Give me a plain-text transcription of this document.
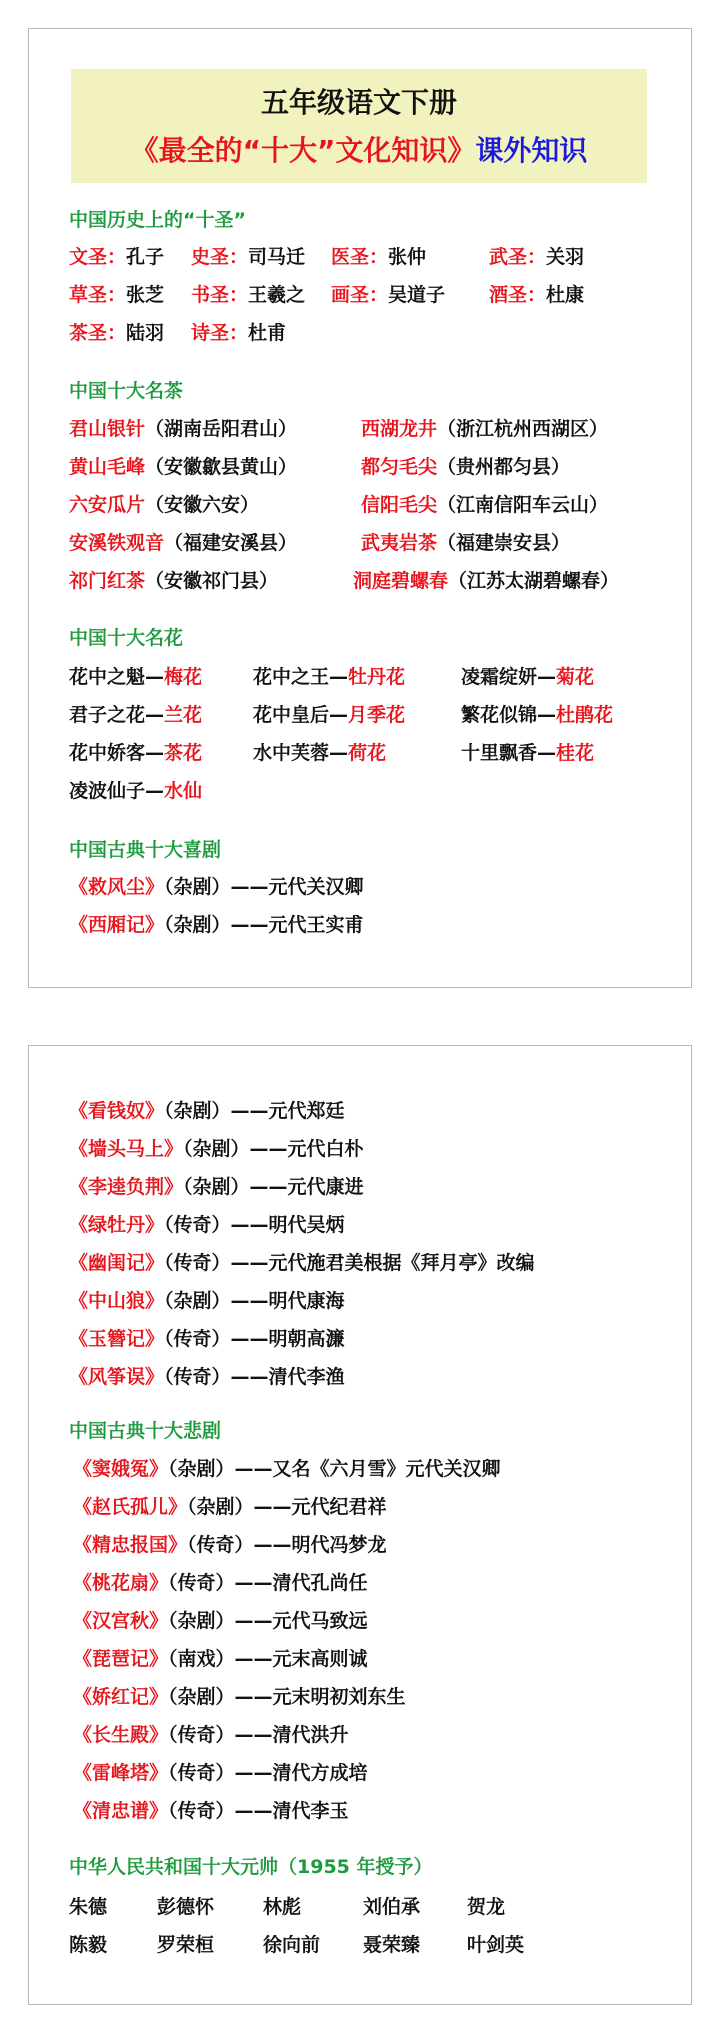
五年级语文下册
《最全的“十大”文化知识》课外知识
中国历史上的“十圣”
文圣：孔子 史圣：司马迁 医圣：张仲	武圣：关羽
草圣：张芝 书圣：王羲之 画圣：吴道子 酒圣：杜康
茶圣：陆羽 诗圣：杜甫
中国十大名茶
君山银针（湖南岳阳君山）	西湖龙井（浙江杭州西湖区）
黄山毛峰（安徽歙县黄山）	都匀毛尖（贵州都匀县）
六安瓜片（安徽六安）	信阳毛尖（江南信阳车云山）
安溪铁观音（福建安溪县）	武夷岩茶（福建崇安县）
祁门红茶（安徽祁门县）	洞庭碧螺春（江苏太湖碧螺春）
中国十大名花
花中之魁—梅花	花中之王—牡丹花	凌霜绽妍—菊花
君子之花—兰花	花中皇后—月季花	繁花似锦—杜鹃花
花中娇客—茶花	水中芙蓉—荷花	十里飘香—桂花
凌波仙子—水仙
中国古典十大喜剧
《救风尘》（杂剧）——元代关汉卿
《西厢记》（杂剧）——元代王实甫
《看钱奴》（杂剧）——元代郑廷
《墙头马上》（杂剧）——元代白朴
《李逵负荆》（杂剧）——元代康进
《绿牡丹》（传奇）——明代吴炳
《幽闺记》（传奇）——元代施君美根据《拜月亭》改编
《中山狼》（杂剧）——明代康海
《玉簪记》（传奇）——明朝高濂
《风筝误》（传奇）——清代李渔
中国古典十大悲剧
《窦娥冤》（杂剧）——又名《六月雪》元代关汉卿
《赵氏孤儿》（杂剧）——元代纪君祥
《精忠报国》（传奇）——明代冯梦龙
《桃花扇》（传奇）——清代孔尚任
《汉宫秋》（杂剧）——元代马致远
《琵琶记》（南戏）——元末高则诚
《娇红记》（杂剧）——元末明初刘东生
《长生殿》（传奇）——清代洪升
《雷峰塔》（传奇）——清代方成培
《清忠谱》（传奇）——清代李玉
中华人民共和国十大元帅（1955 年授予）
朱德	彭德怀	林彪	刘伯承 贺龙
陈毅	罗荣桓	徐向前 聂荣臻 叶剑英
